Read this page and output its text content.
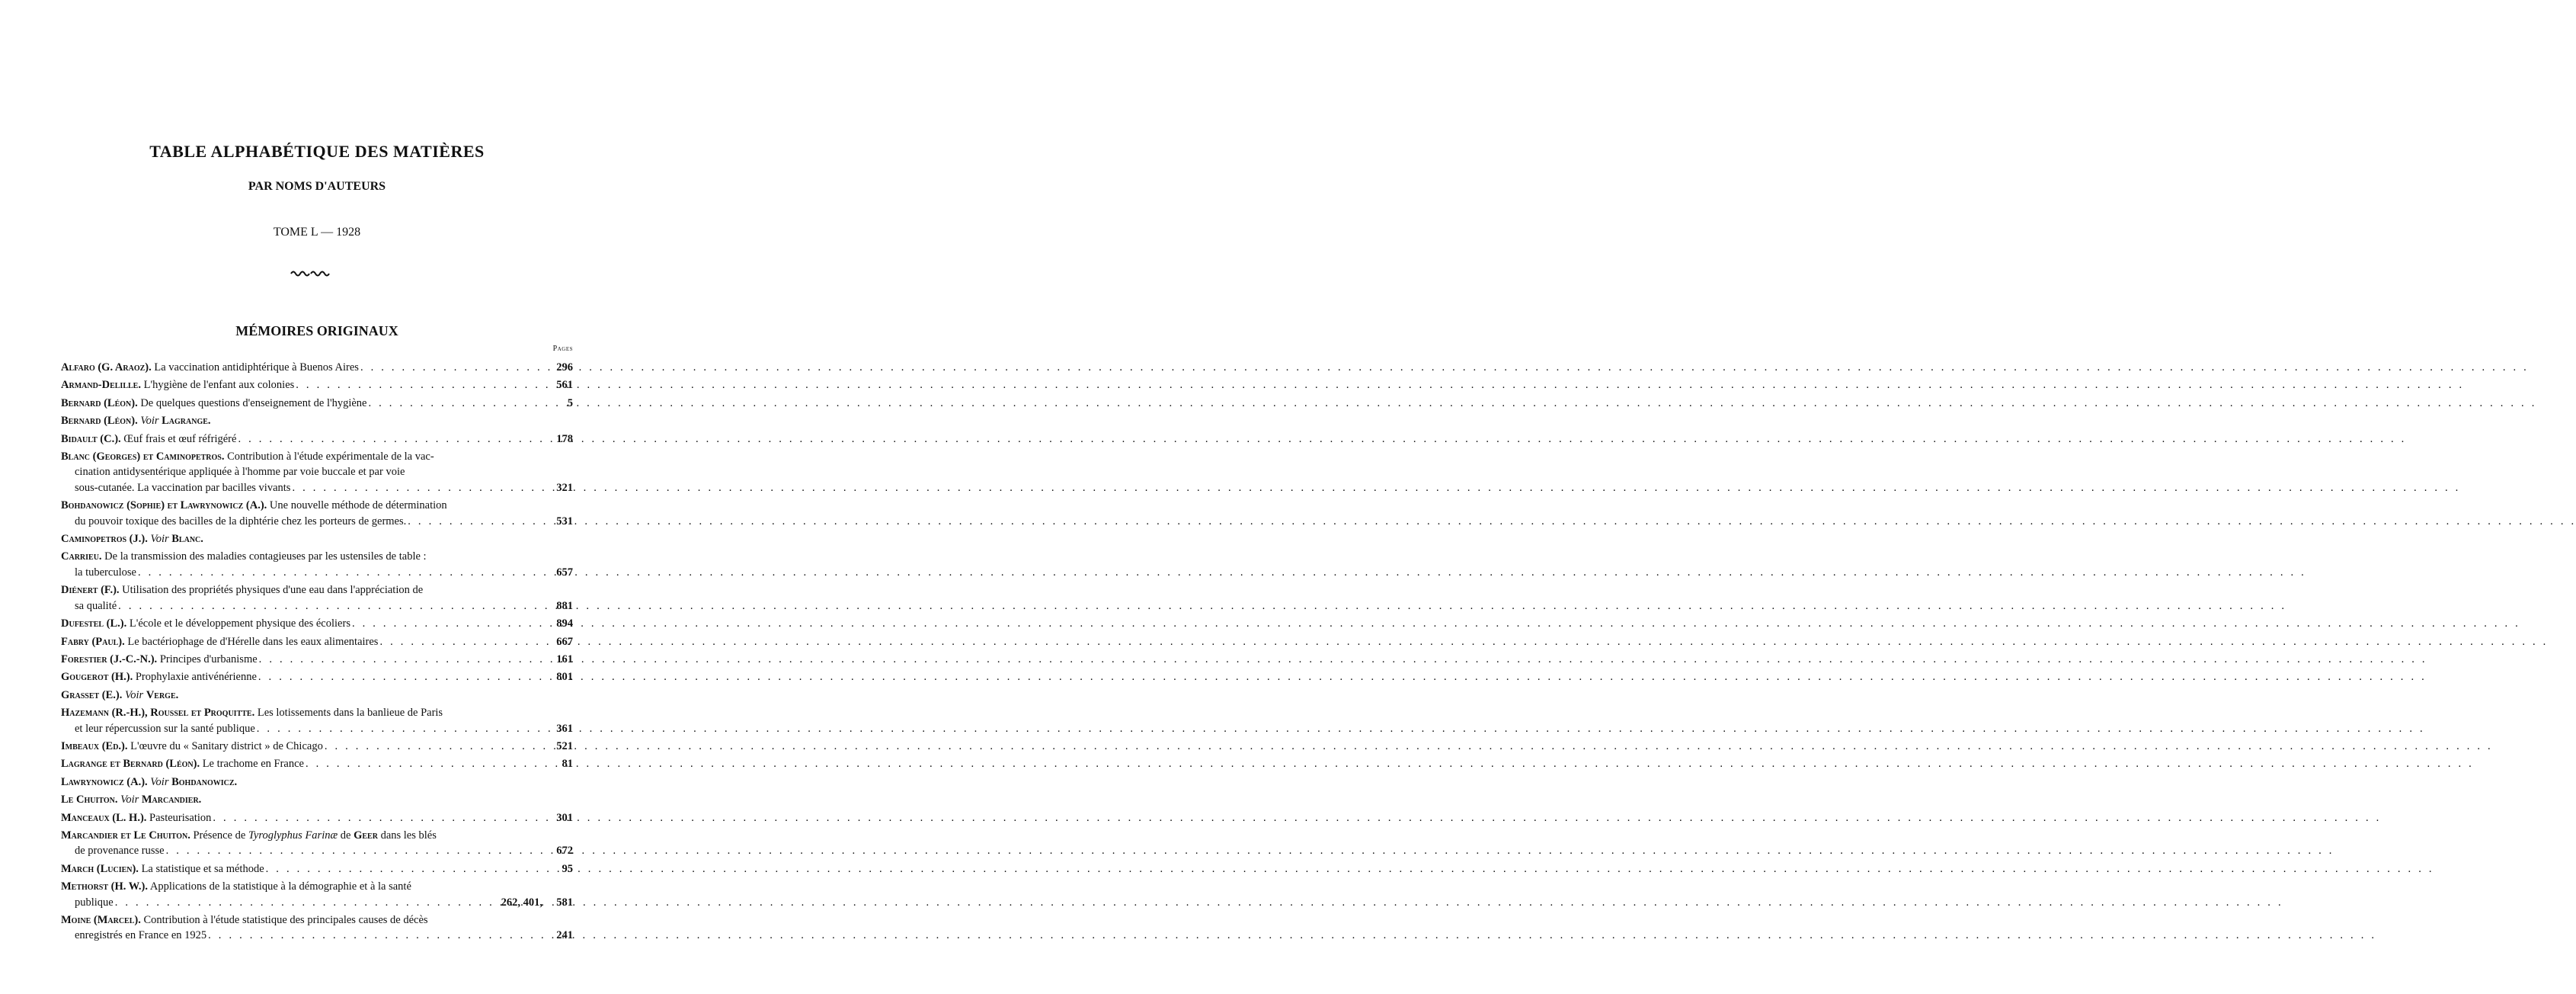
TABLE ALPHABÉTIQUE DES MATIÈRES
PAR NOMS D'AUTEURS
TOME L — 1928
MÉMOIRES ORIGINAUX
Pages
Alfaro (G. Araoz). La vaccination antidiphtérique à Buenos Aires . . .	296
Armand-Delille. L'hygiène de l'enfant aux colonies . . .	561
Bernard (Léon). De quelques questions d'enseignement de l'hygiène . . .	5
Bernard (Léon). Voir Lagrange.
Bidault (C.). Œuf frais et œuf réfrigéré . . .	178
Blanc (Georges) et Caminopetros. Contribution à l'étude expérimentale de la vac-
cination antidysentérique appliquée à l'homme par voie buccale et par voie
sous-cutanée. La vaccination par bacilles vivants . . .	321
Bohdanowicz (Sophie) et Lawrynowicz (A.). Une nouvelle méthode de détermination
du pouvoir toxique des bacilles de la diphtérie chez les porteurs de germes. . . .	531
Caminopetros (J.). Voir Blanc.
Carrieu. De la transmission des maladies contagieuses par les ustensiles de table :
la tuberculose . . .	657
Diénert (F.). Utilisation des propriétés physiques d'une eau dans l'appréciation de
sa qualité . . .	881
Dufestel (L.). L'école et le développement physique des écoliers . . .	894
Fabry (Paul). Le bactériophage de d'Hérelle dans les eaux alimentaires . . .	667
Forestier (J.-C.-N.). Principes d'urbanisme . . .	161
Gougerot (H.). Prophylaxie antivénérienne . . .	801
Grasset (E.). Voir Verge.
Hazemann (R.-H.), Roussel et Proquitte. Les lotissements dans la banlieue de Paris
et leur répercussion sur la santé publique . . .	361
Imbeaux (Ed.). L'œuvre du « Sanitary district » de Chicago . . .	521
Lagrange et Bernard (Léon). Le trachome en France . . .	81
Lawrynowicz (A.). Voir Bohdanowicz.
Le Chuiton. Voir Marcandier.
Manceaux (L. H.). Pasteurisation . . .	301
Marcandier et Le Chuiton. Présence de Tyroglyphus Farinæ de Geer dans les blés
de provenance russe . . .	672
March (Lucien). La statistique et sa méthode . . .	95
Methorst (H. W.). Applications de la statistique à la démographie et à la santé
publique . . .	262, 401,	581
Moine (Marcel). Contribution à l'étude statistique des principales causes de décès
enregistrés en France en 1925 . . .	241
